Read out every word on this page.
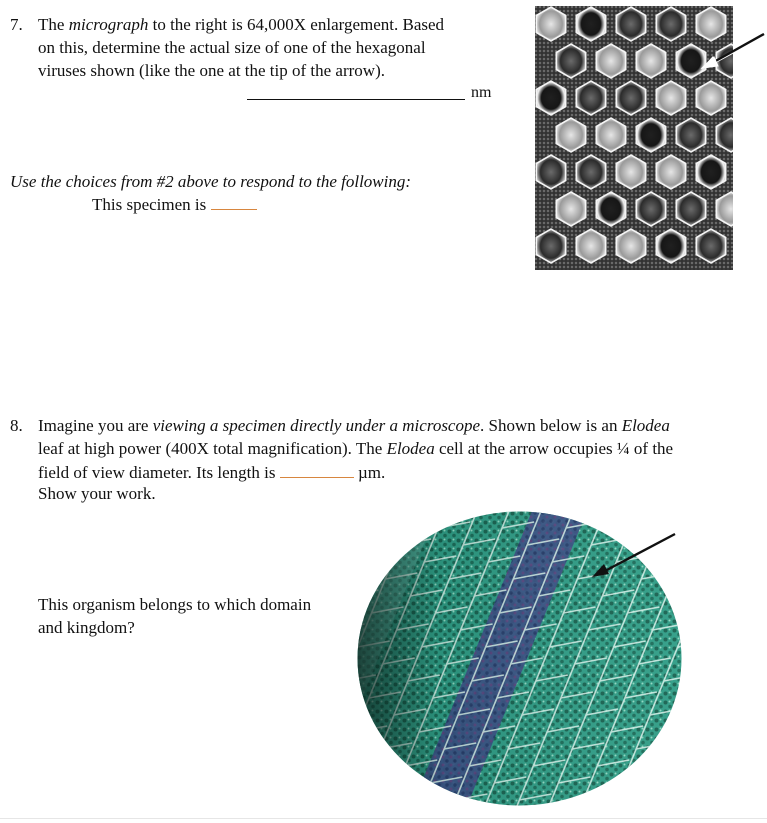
7. The micrograph to the right is 64,000X enlargement. Based
on this, determine the actual size of one of the hexagonal
viruses shown (like the one at the tip of the arrow).
nm
Use the choices from #2 above to respond to the following:
This specimen is
8. Imagine you are viewing a specimen directly under a microscope. Shown below is an Elodea
leaf at high power (400X total magnification). The Elodea cell at the arrow occupies ¼ of the
field of view diameter. Its length is	µm.
Show your work.
This organism belongs to which domain
and kingdom?
